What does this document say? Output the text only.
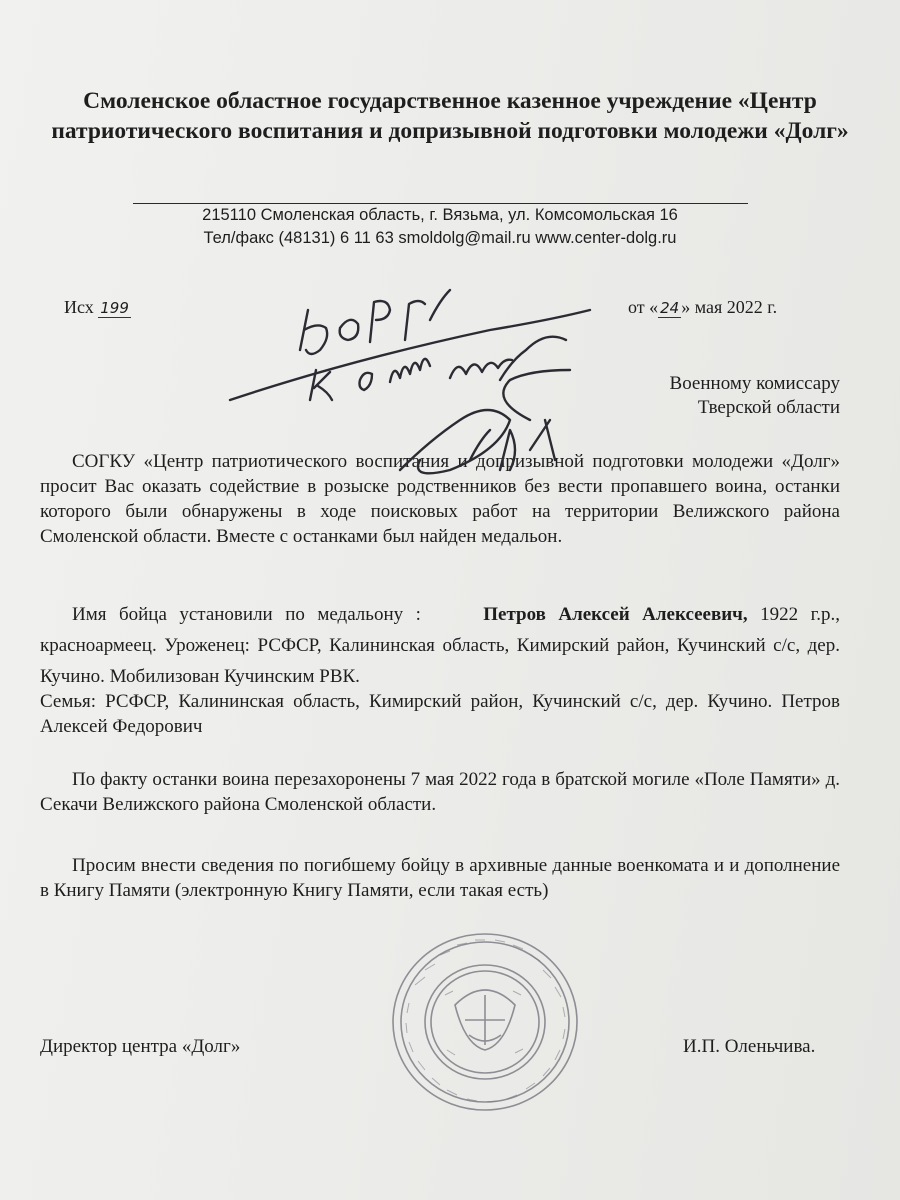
Смоленское областное государственное казенное учреждение «Центр патриотического воспитания и допризывной подготовки молодежи «Долг»
215110 Смоленская область, г. Вязьма, ул. Комсомольская 16
Тел/факс (48131) 6 11 63 smoldolg@mail.ru www.center-dolg.ru
Исх 199	от « 24 » мая 2022 г.
Военному комиссару
Тверской области
СОГКУ «Центр патриотического воспитания и допризывной подготовки молодежи «Долг» просит Вас оказать содействие в розыске родственников без вести пропавшего воина, останки которого были обнаружены в ходе поисковых работ на территории Велижского района Смоленской области. Вместе с останками был найден медальон.
Имя бойца установили по медальону :	Петров Алексей Алексеевич, 1922 г.р., красноармеец. Уроженец: РСФСР, Калининская область, Кимирский район, Кучинский с/с, дер. Кучино. Мобилизован Кучинским РВК.
Семья: РСФСР, Калининская область, Кимирский район, Кучинский с/с, дер. Кучино. Петров Алексей Федорович
По факту останки воина перезахоронены 7 мая 2022 года в братской могиле «Поле Памяти» д. Секачи Велижского района Смоленской области.
Просим внести сведения по погибшему бойцу в архивные данные военкомата и и дополнение в Книгу Памяти (электронную Книгу Памяти, если такая есть)
Директор центра «Долг»	И.П. Оленьчива.
ЮОПР
к исполн
